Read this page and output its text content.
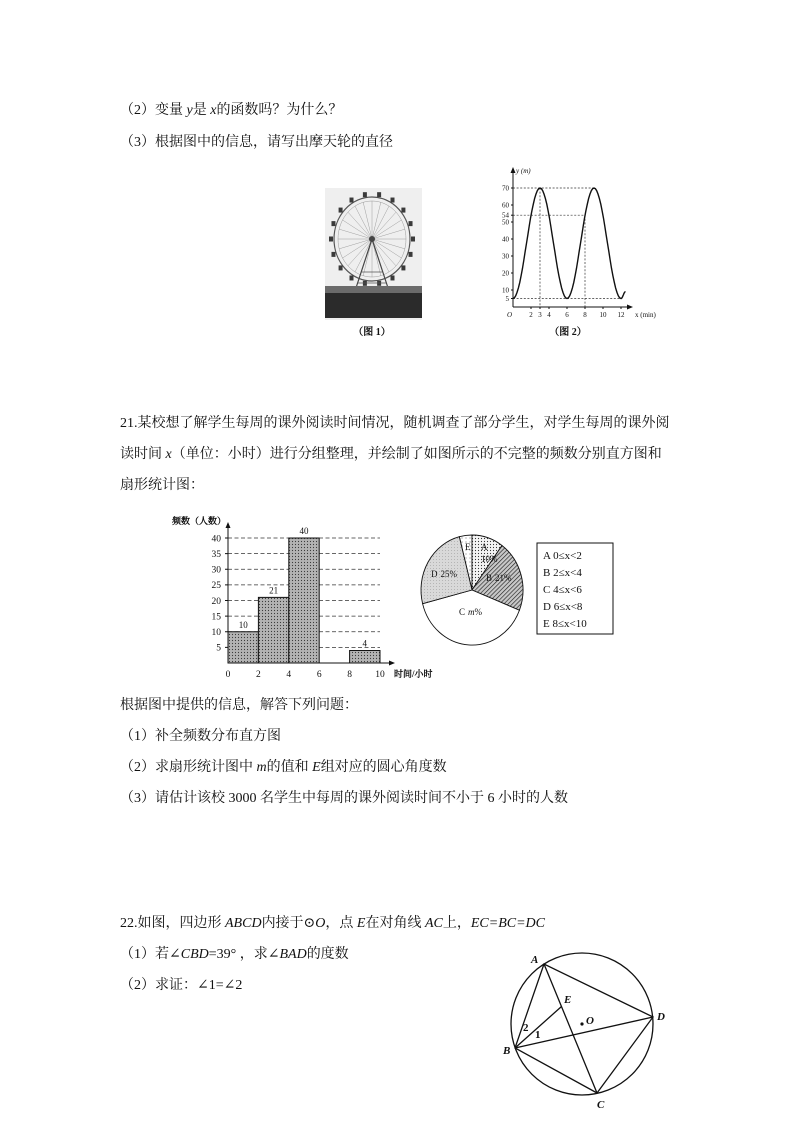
（2）变量 y是 x的函数吗？为什么？
（3）根据图中的信息，请写出摩天轮的直径
（图 1）
5
10
20
30
40
50
54
60
70
2 3 4 6 8 10 12
y (m)
x (min)
O
（图 2）
21.某校想了解学生每周的课外阅读时间情况，随机调查了部分学生，对学生每周的课外阅
读时间 x（单位：小时）进行分组整理，并绘制了如图所示的不完整的频数分别直方图和
扇形统计图：
10
21
40
4
5
10
15
20
25
30
35
40
0	2	4	6	8 10
频数（人数）
时间/小时
E A 10%
B 21%
C m%
D 25%
A 0≤x<2
B 2≤x<4
C 4≤x<6
D 6≤x<8
E 8≤x<10
根据图中提供的信息，解答下列问题：
（1）补全频数分布直方图
（2）求扇形统计图中 m的值和 E组对应的圆心角度数
（3）请估计该校 3000 名学生中每周的课外阅读时间不小于 6 小时的人数
22.如图，四边形 ABCD内接于⊙O，点 E在对角线 AC上，EC=BC=DC
（1）若∠CBD=39° ，求∠BAD的度数
（2）求证：∠1=∠2
A
B
C
D
E
O
2
1
